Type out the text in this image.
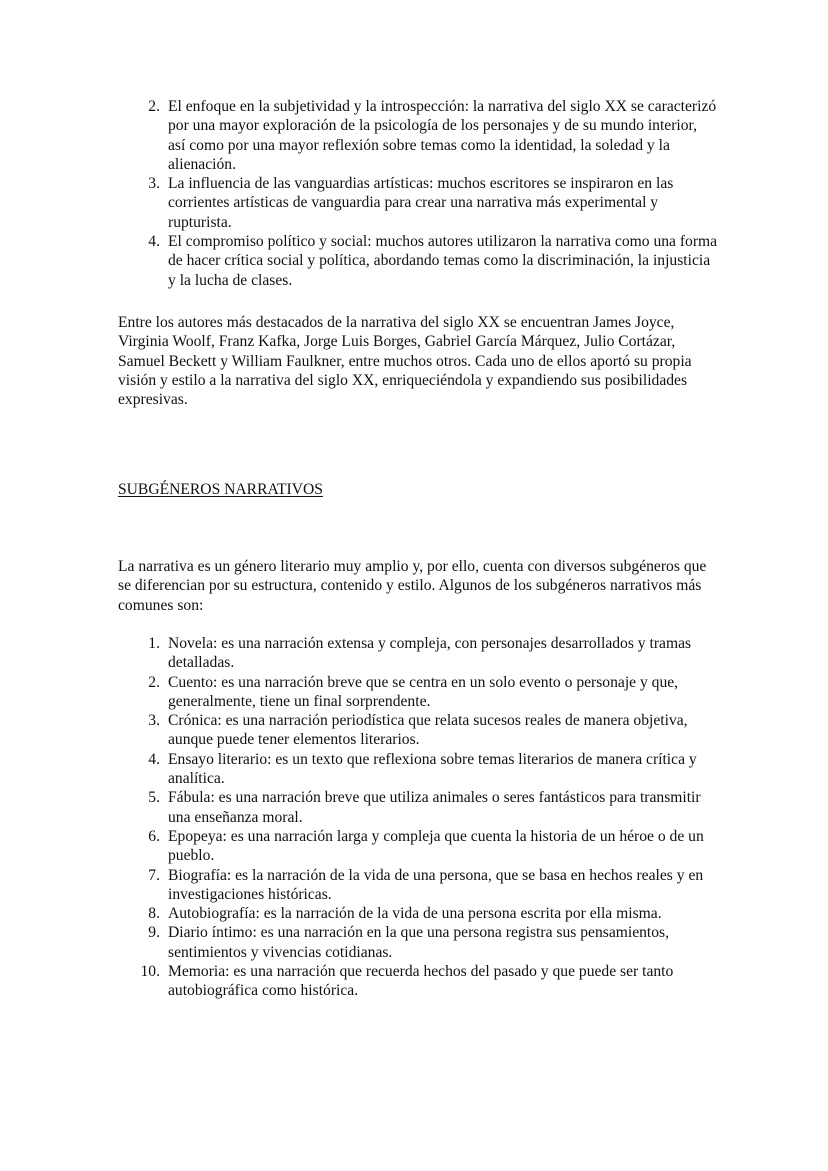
2. El enfoque en la subjetividad y la introspección: la narrativa del siglo XX se caracterizó por una mayor exploración de la psicología de los personajes y de su mundo interior, así como por una mayor reflexión sobre temas como la identidad, la soledad y la alienación.
3. La influencia de las vanguardias artísticas: muchos escritores se inspiraron en las corrientes artísticas de vanguardia para crear una narrativa más experimental y rupturista.
4. El compromiso político y social: muchos autores utilizaron la narrativa como una forma de hacer crítica social y política, abordando temas como la discriminación, la injusticia y la lucha de clases.

Entre los autores más destacados de la narrativa del siglo XX se encuentran James Joyce, Virginia Woolf, Franz Kafka, Jorge Luis Borges, Gabriel García Márquez, Julio Cortázar, Samuel Beckett y William Faulkner, entre muchos otros. Cada uno de ellos aportó su propia visión y estilo a la narrativa del siglo XX, enriqueciéndola y expandiendo sus posibilidades expresivas.

SUBGÉNEROS NARRATIVOS

La narrativa es un género literario muy amplio y, por ello, cuenta con diversos subgéneros que se diferencian por su estructura, contenido y estilo. Algunos de los subgéneros narrativos más comunes son:

1. Novela: es una narración extensa y compleja, con personajes desarrollados y tramas detalladas.
2. Cuento: es una narración breve que se centra en un solo evento o personaje y que, generalmente, tiene un final sorprendente.
3. Crónica: es una narración periodística que relata sucesos reales de manera objetiva, aunque puede tener elementos literarios.
4. Ensayo literario: es un texto que reflexiona sobre temas literarios de manera crítica y analítica.
5. Fábula: es una narración breve que utiliza animales o seres fantásticos para transmitir una enseñanza moral.
6. Epopeya: es una narración larga y compleja que cuenta la historia de un héroe o de un pueblo.
7. Biografía: es la narración de la vida de una persona, que se basa en hechos reales y en investigaciones históricas.
8. Autobiografía: es la narración de la vida de una persona escrita por ella misma.
9. Diario íntimo: es una narración en la que una persona registra sus pensamientos, sentimientos y vivencias cotidianas.
10. Memoria: es una narración que recuerda hechos del pasado y que puede ser tanto autobiográfica como histórica.
